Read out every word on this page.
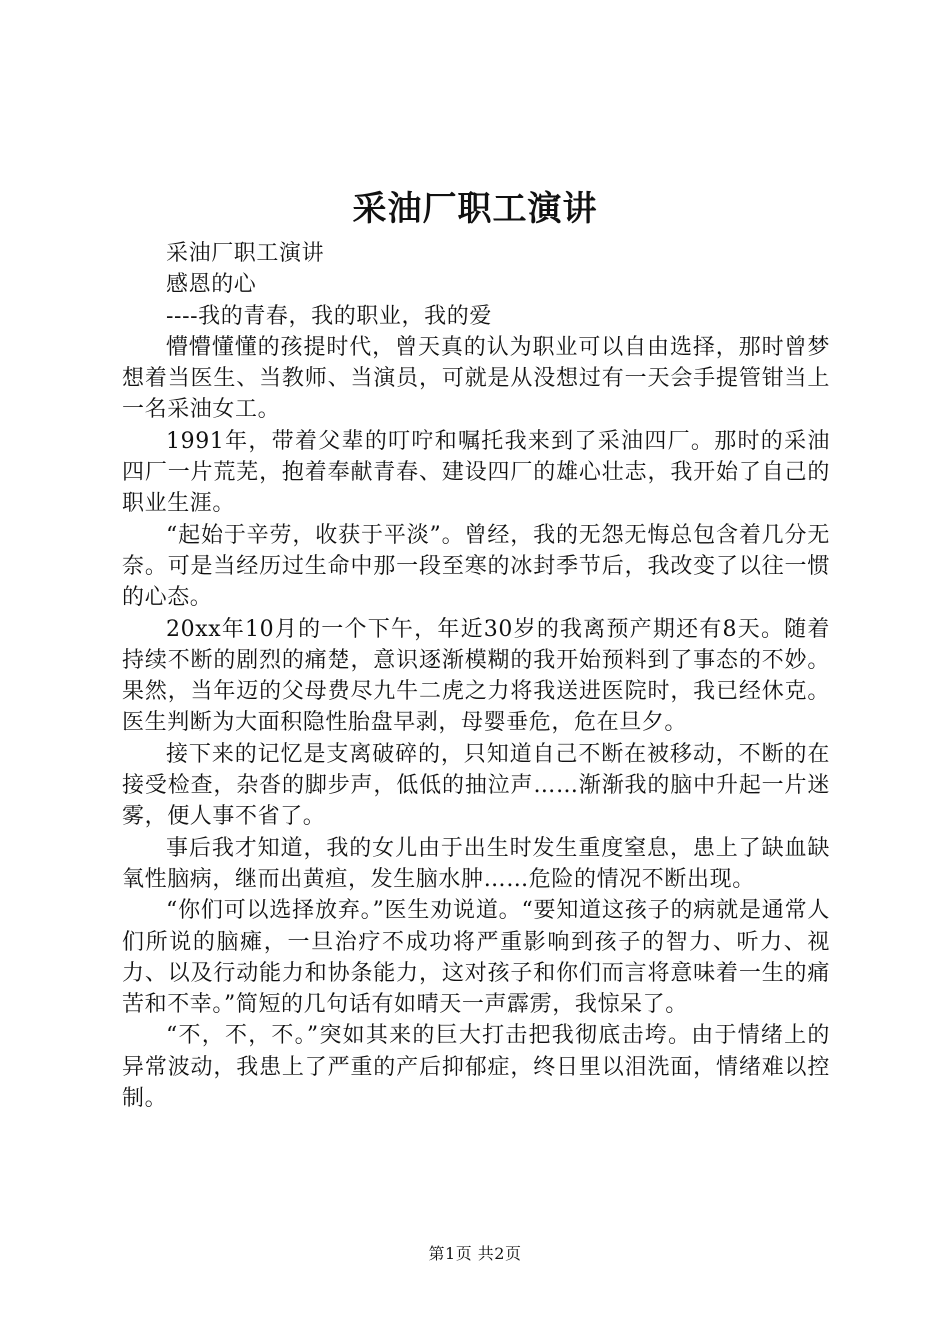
采油厂职工演讲

采油厂职工演讲

感恩的心

----我的青春，我的职业，我的爱

懵懵懂懂的孩提时代，曾天真的认为职业可以自由选择，那时曾梦想着当医生、当教师、当演员，可就是从没想过有一天会手提管钳当上一名采油女工。

1991年，带着父辈的叮咛和嘱托我来到了采油四厂。那时的采油四厂一片荒芜，抱着奉献青春、建设四厂的雄心壮志，我开始了自己的职业生涯。

“起始于辛劳，收获于平淡”。曾经，我的无怨无悔总包含着几分无奈。可是当经历过生命中那一段至寒的冰封季节后，我改变了以往一惯的心态。

20xx年10月的一个下午，年近30岁的我离预产期还有8天。随着持续不断的剧烈的痛楚，意识逐渐模糊的我开始预料到了事态的不妙。果然，当年迈的父母费尽九牛二虎之力将我送进医院时，我已经休克。医生判断为大面积隐性胎盘早剥，母婴垂危，危在旦夕。

接下来的记忆是支离破碎的，只知道自己不断在被移动，不断的在接受检查，杂沓的脚步声，低低的抽泣声……渐渐我的脑中升起一片迷雾，便人事不省了。

事后我才知道，我的女儿由于出生时发生重度窒息，患上了缺血缺氧性脑病，继而出黄疸，发生脑水肿……危险的情况不断出现。

“你们可以选择放弃。”医生劝说道。“要知道这孩子的病就是通常人们所说的脑瘫，一旦治疗不成功将严重影响到孩子的智力、听力、视力、以及行动能力和协条能力，这对孩子和你们而言将意味着一生的痛苦和不幸。”简短的几句话有如晴天一声霹雳，我惊呆了。

“不，不，不。”突如其来的巨大打击把我彻底击垮。由于情绪上的异常波动，我患上了严重的产后抑郁症，终日里以泪洗面，情绪难以控制。

第1页 共2页
